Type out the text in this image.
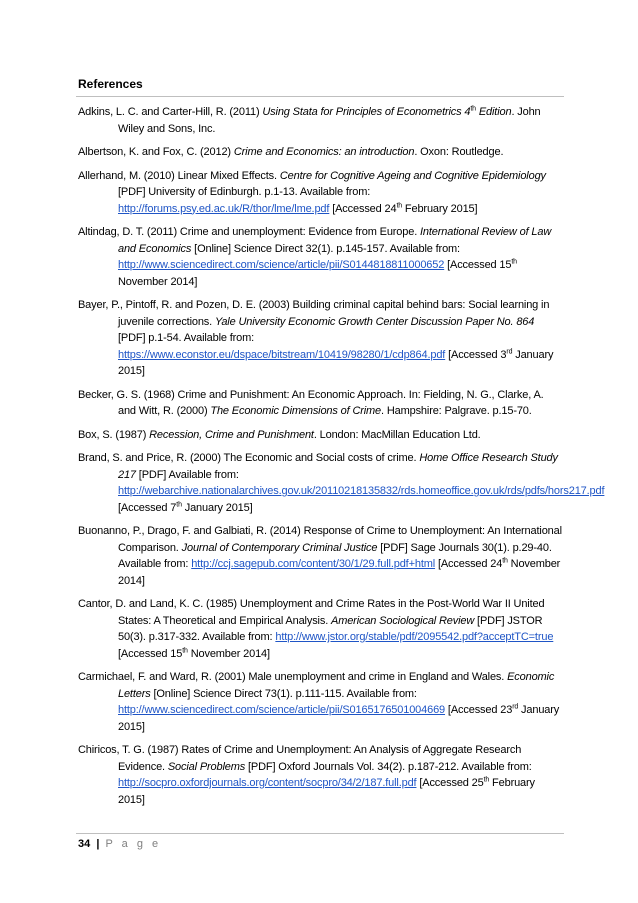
References

Adkins, L. C. and Carter-Hill, R. (2011) Using Stata for Principles of Econometrics 4th Edition. John Wiley and Sons, Inc.

Albertson, K. and Fox, C. (2012) Crime and Economics: an introduction. Oxon: Routledge.

Allerhand, M. (2010) Linear Mixed Effects. Centre for Cognitive Ageing and Cognitive Epidemiology [PDF] University of Edinburgh. p.1-13. Available from: http://forums.psy.ed.ac.uk/R/thor/lme/lme.pdf [Accessed 24th February 2015]

Altindag, D. T. (2011) Crime and unemployment: Evidence from Europe. International Review of Law and Economics [Online] Science Direct 32(1). p.145-157. Available from: http://www.sciencedirect.com/science/article/pii/S0144818811000652 [Accessed 15th November 2014]

Bayer, P., Pintoff, R. and Pozen, D. E. (2003) Building criminal capital behind bars: Social learning in juvenile corrections. Yale University Economic Growth Center Discussion Paper No. 864 [PDF] p.1-54. Available from: https://www.econstor.eu/dspace/bitstream/10419/98280/1/cdp864.pdf [Accessed 3rd January 2015]

Becker, G. S. (1968) Crime and Punishment: An Economic Approach. In: Fielding, N. G., Clarke, A. and Witt, R. (2000) The Economic Dimensions of Crime. Hampshire: Palgrave. p.15-70.

Box, S. (1987) Recession, Crime and Punishment. London: MacMillan Education Ltd.

Brand, S. and Price, R. (2000) The Economic and Social costs of crime. Home Office Research Study 217 [PDF] Available from: http://webarchive.nationalarchives.gov.uk/20110218135832/rds.homeoffice.gov.uk/rds/pdfs/hors217.pdf [Accessed 7th January 2015]

Buonanno, P., Drago, F. and Galbiati, R. (2014) Response of Crime to Unemployment: An International Comparison. Journal of Contemporary Criminal Justice [PDF] Sage Journals 30(1). p.29-40. Available from: http://ccj.sagepub.com/content/30/1/29.full.pdf+html [Accessed 24th November 2014]

Cantor, D. and Land, K. C. (1985) Unemployment and Crime Rates in the Post-World War II United States: A Theoretical and Empirical Analysis. American Sociological Review [PDF] JSTOR 50(3). p.317-332. Available from: http://www.jstor.org/stable/pdf/2095542.pdf?acceptTC=true [Accessed 15th November 2014]

Carmichael, F. and Ward, R. (2001) Male unemployment and crime in England and Wales. Economic Letters [Online] Science Direct 73(1). p.111-115. Available from: http://www.sciencedirect.com/science/article/pii/S0165176501004669 [Accessed 23rd January 2015]

Chiricos, T. G. (1987) Rates of Crime and Unemployment: An Analysis of Aggregate Research Evidence. Social Problems [PDF] Oxford Journals Vol. 34(2). p.187-212. Available from: http://socpro.oxfordjournals.org/content/socpro/34/2/187.full.pdf [Accessed 25th February 2015]

34 | P a g e
